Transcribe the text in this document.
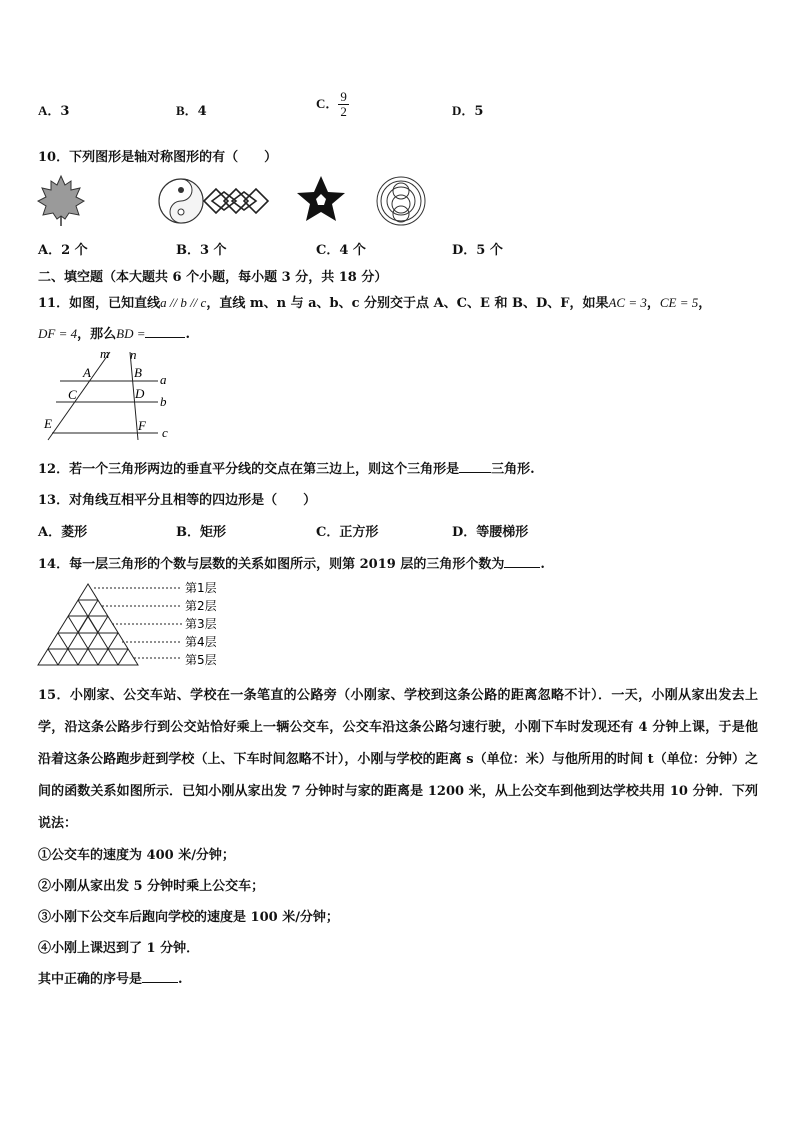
A．3	B．4
C． $\frac{9}{2}$	D．5
10．下列图形是轴对称图形的有（　　）
A．2 个	B．3 个	C．4 个	D．5 个
二、填空题（本大题共 6 个小题，每小题 3 分，共 18 分）
11．如图，已知直线a // b // c，直线 m、n 与 a、b、c 分别交于点 A、C、E 和 B、D、F，如果AC = 3，CE = 5，
DF = 4，那么BD =	.
m n
A	B a
C	D
b
E	F c
12．若一个三角形两边的垂直平分线的交点在第三边上，则这个三角形是 三角形.
13．对角线互相平分且相等的四边形是（　　）
A．菱形	B．矩形	C．正方形	D．等腰梯形
14．每一层三角形的个数与层数的关系如图所示，则第 2019 层的三角形个数为	.
第1层
第2层
第3层
第4层
第5层
15．小刚家、公交车站、学校在一条笔直的公路旁（小刚家、学校到这条公路的距离忽略不计）．一天，小刚从家出发去上学，沿这条公路步行到公交站恰好乘上一辆公交车，公交车沿这条公路匀速行驶，小刚下车时发现还有 4 分钟上课，于是他沿着这条公路跑步赶到学校（上、下车时间忽略不计），小刚与学校的距离 s（单位：米）与他所用的时间 t（单位：分钟）之间的函数关系如图所示．已知小刚从家出发 7 分钟时与家的距离是 1200 米，从上公交车到他到达学校共用 10 分钟．下列说法：
①公交车的速度为 400 米/分钟；
②小刚从家出发 5 分钟时乘上公交车；
③小刚下公交车后跑向学校的速度是 100 米/分钟；
④小刚上课迟到了 1 分钟．
其中正确的序号是	.
